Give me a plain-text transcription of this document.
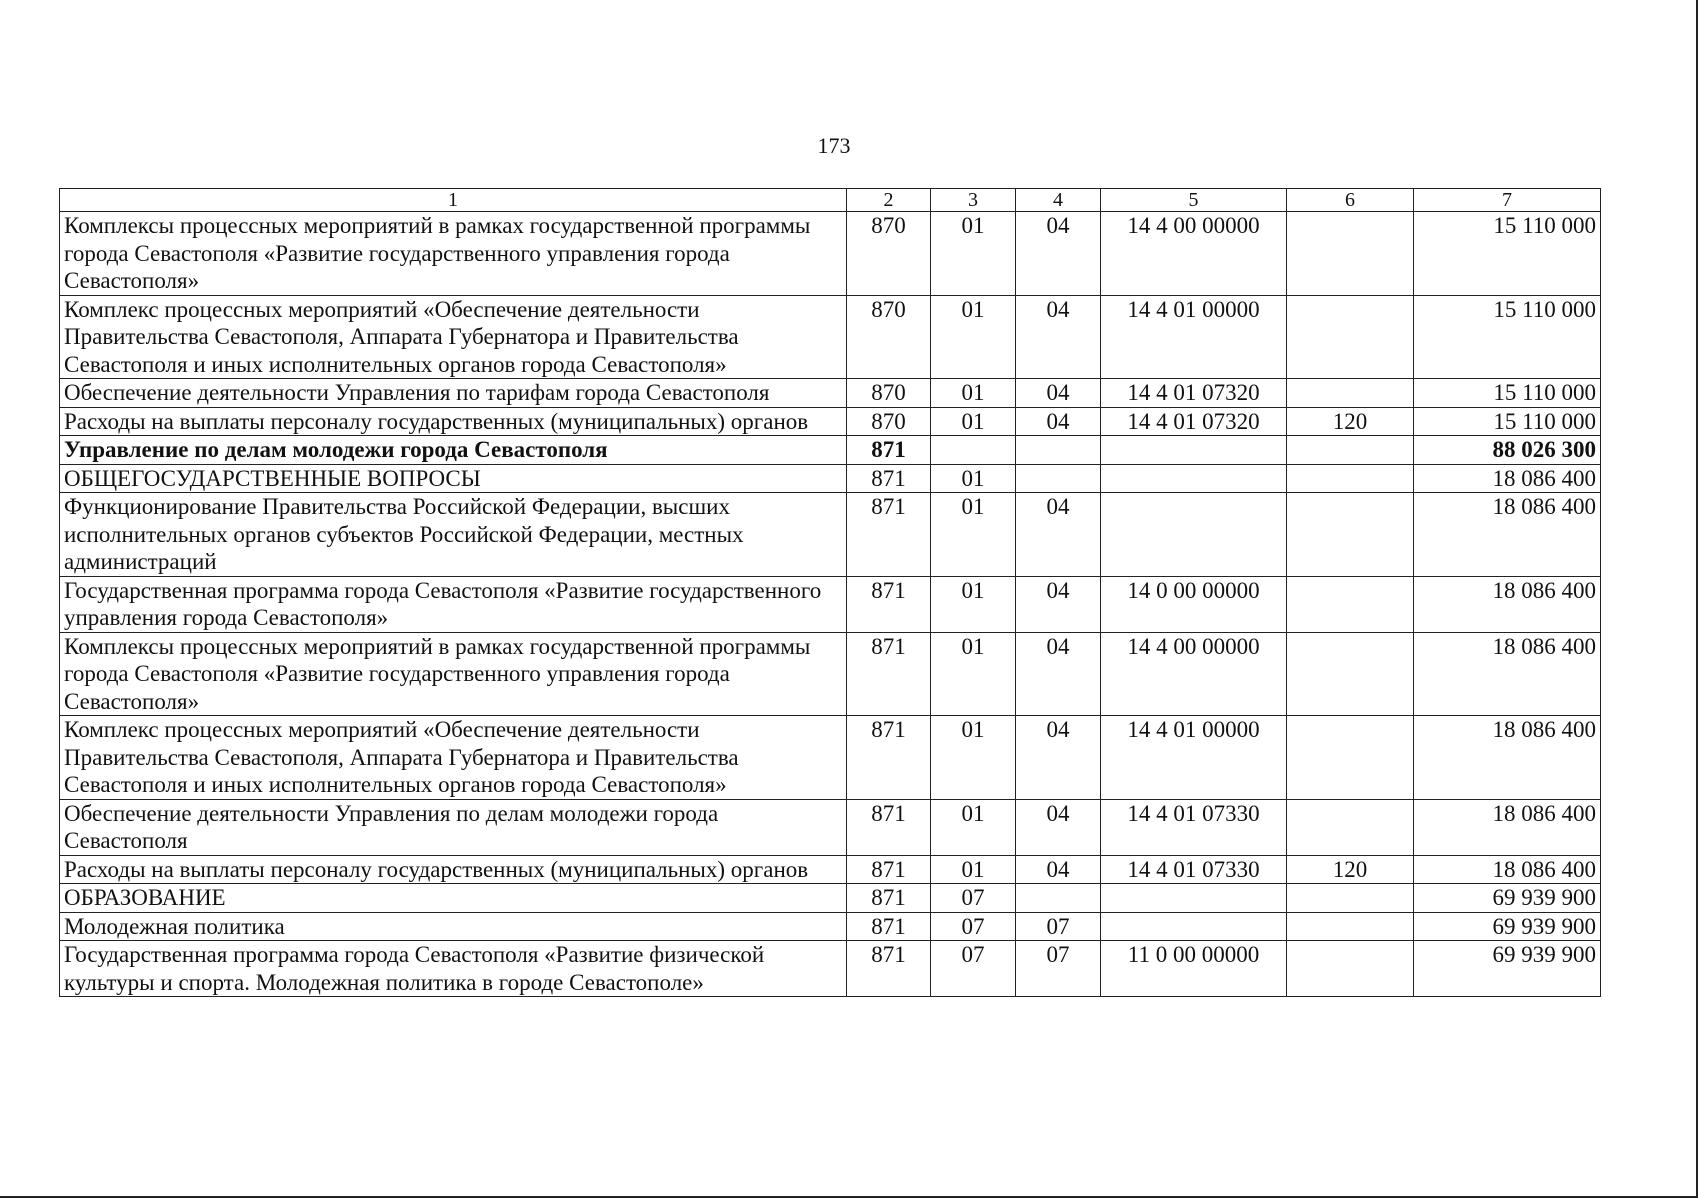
173
1	2	3	4	5	6	7
Комплексы процессных мероприятий в рамках государственной программы города Севастополя «Развитие государственного управления города Севастополя»	870	01	04	14 4 00 00000		15 110 000
Комплекс процессных мероприятий «Обеспечение деятельности Правительства Севастополя, Аппарата Губернатора и Правительства Севастополя и иных исполнительных органов города Севастополя»	870	01	04	14 4 01 00000		15 110 000
Обеспечение деятельности Управления по тарифам города Севастополя	870	01	04	14 4 01 07320		15 110 000
Расходы на выплаты персоналу государственных (муниципальных) органов	870	01	04	14 4 01 07320	120	15 110 000
Управление по делам молодежи города Севастополя	871					88 026 300
ОБЩЕГОСУДАРСТВЕННЫЕ ВОПРОСЫ	871	01				18 086 400
Функционирование Правительства Российской Федерации, высших исполнительных органов субъектов Российской Федерации, местных администраций	871	01	04			18 086 400
Государственная программа города Севастополя «Развитие государственного управления города Севастополя»	871	01	04	14 0 00 00000		18 086 400
Комплексы процессных мероприятий в рамках государственной программы города Севастополя «Развитие государственного управления города Севастополя»	871	01	04	14 4 00 00000		18 086 400
Комплекс процессных мероприятий «Обеспечение деятельности Правительства Севастополя, Аппарата Губернатора и Правительства Севастополя и иных исполнительных органов города Севастополя»	871	01	04	14 4 01 00000		18 086 400
Обеспечение деятельности Управления по делам молодежи города Севастополя	871	01	04	14 4 01 07330		18 086 400
Расходы на выплаты персоналу государственных (муниципальных) органов	871	01	04	14 4 01 07330	120	18 086 400
ОБРАЗОВАНИЕ	871	07				69 939 900
Молодежная политика	871	07	07			69 939 900
Государственная программа города Севастополя «Развитие физической культуры и спорта. Молодежная политика в городе Севастополе»	871	07	07	11 0 00 00000		69 939 900
